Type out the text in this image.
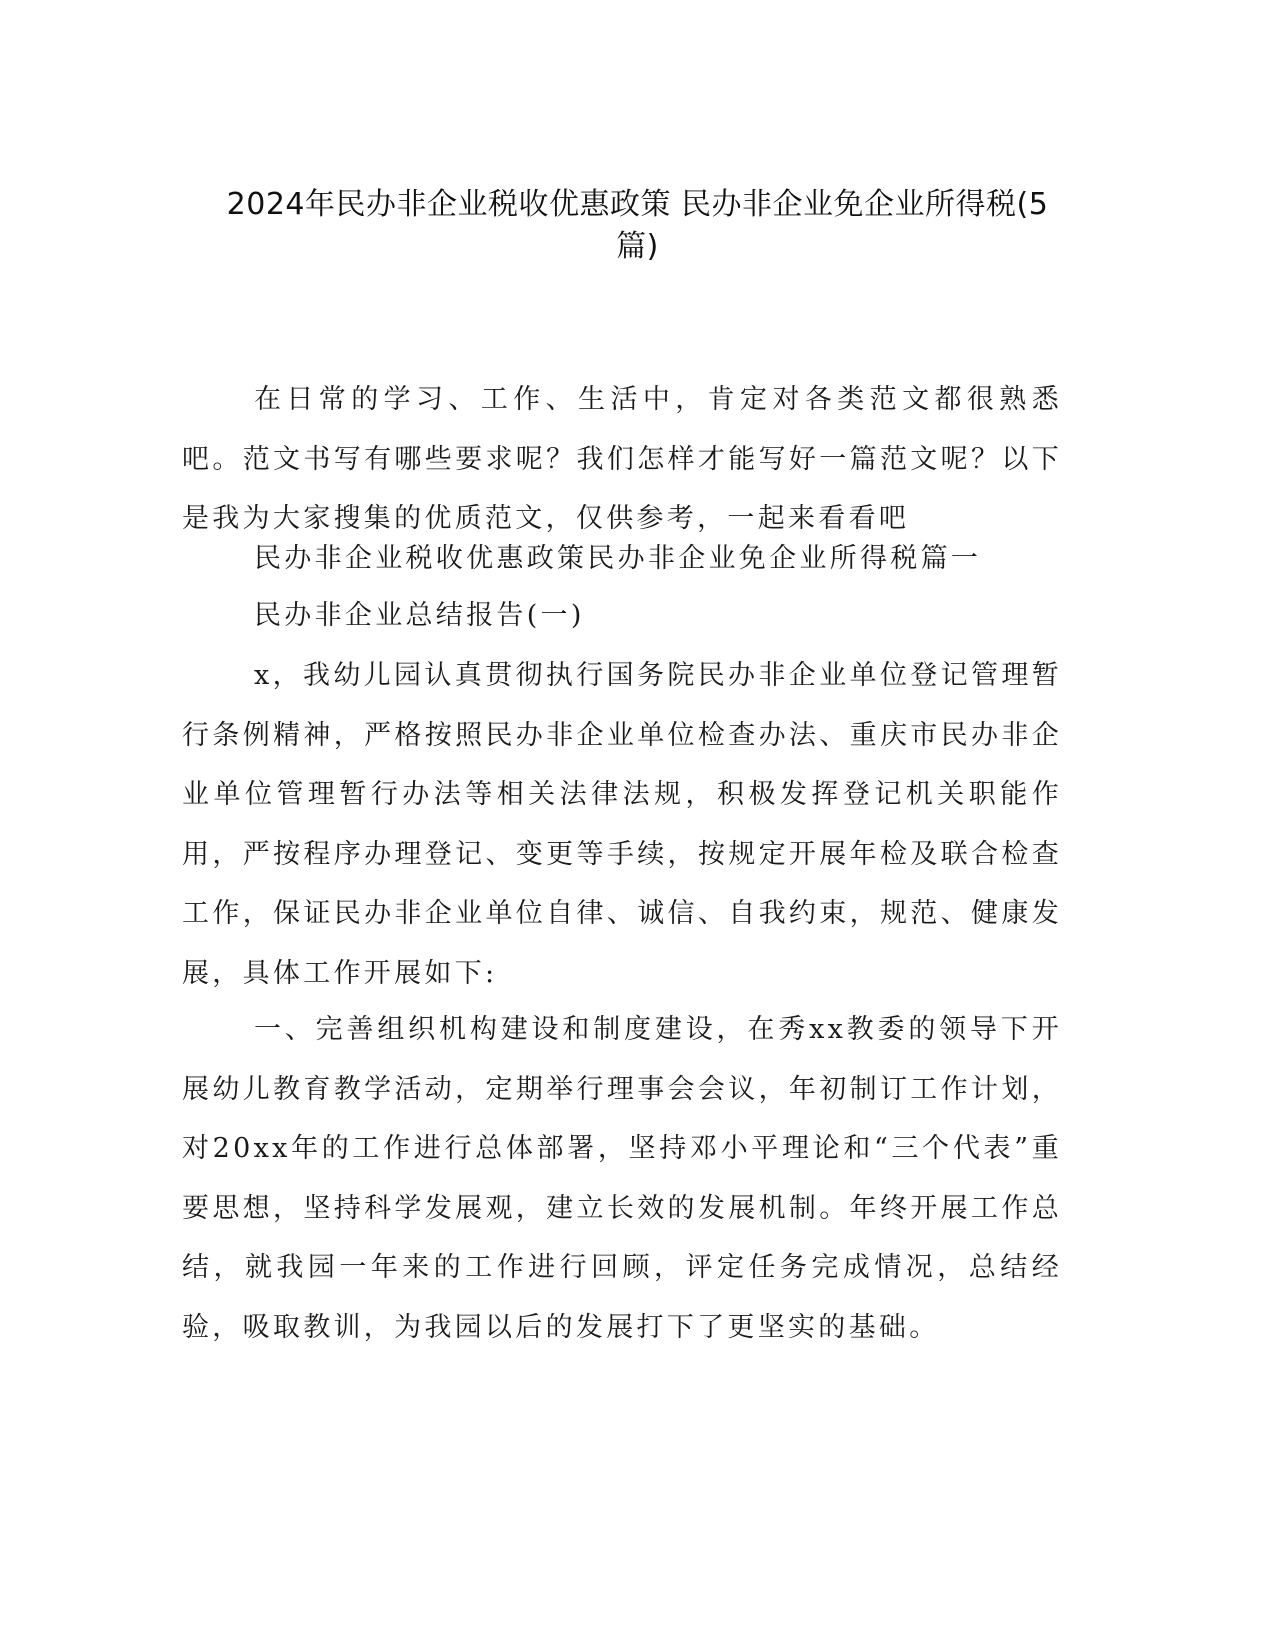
2024年民办非企业税收优惠政策 民办非企业免企业所得税(5
篇)

在日常的学习、工作、生活中，肯定对各类范文都很熟悉吧。范文书写有哪些要求呢？我们怎样才能写好一篇范文呢？以下是我为大家搜集的优质范文，仅供参考，一起来看看吧

民办非企业税收优惠政策民办非企业免企业所得税篇一

民办非企业总结报告(一)

x，我幼儿园认真贯彻执行国务院民办非企业单位登记管理暂行条例精神，严格按照民办非企业单位检查办法、重庆市民办非企业单位管理暂行办法等相关法律法规，积极发挥登记机关职能作用，严按程序办理登记、变更等手续，按规定开展年检及联合检查工作，保证民办非企业单位自律、诚信、自我约束，规范、健康发展，具体工作开展如下:

一、完善组织机构建设和制度建设，在秀xx教委的领导下开展幼儿教育教学活动，定期举行理事会会议，年初制订工作计划，对20xx年的工作进行总体部署，坚持邓小平理论和“三个代表”重要思想，坚持科学发展观，建立长效的发展机制。年终开展工作总结，就我园一年来的工作进行回顾，评定任务完成情况，总结经验，吸取教训，为我园以后的发展打下了更坚实的基础。
